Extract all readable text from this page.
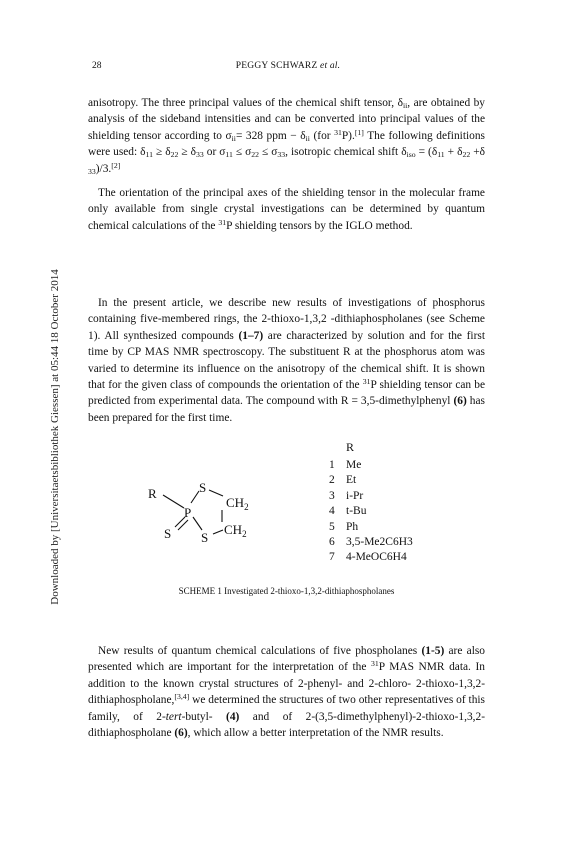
Downloaded by [Universitaetsbibliothek Giessen] at 05:44 18 October 2014
28	PEGGY SCHWARZ et al.
anisotropy. The three principal values of the chemical shift tensor, $\delta_{ii}$, are obtained by analysis of the sideband intensities and can be converted into principal values of the shielding tensor according to $\sigma_{ii}= 328$ ppm − $\delta_{ii}$ (for $^{31}$P).[1] The following definitions were used: $\delta_{11} \ge \delta_{22} \ge \delta_{33}$ or $\sigma_{11} \le \sigma_{22} \le \sigma_{33}$, isotropic chemical shift $\delta_{iso} = (\delta_{11} + \delta_{22} +\delta$ $_{33}$)/3.[2]
The orientation of the principal axes of the shielding tensor in the molecular frame only available from single crystal investigations can be determined by quantum chemical calculations of the $^{31}$P shielding tensors by the IGLO method.
In the present article, we describe new results of investigations of phosphorus containing five-membered rings, the 2-thioxo-1,3,2 -dithiaphospholanes (see Scheme 1). All synthesized compounds (1–7) are characterized by solution and for the first time by CP MAS NMR spectroscopy. The substituent R at the phosphorus atom was varied to determine its influence on the anisotropy of the chemical shift. It is shown that for the given class of compounds the orientation of the $^{31}$P shielding tensor can be predicted from experimental data. The compound with R = 3,5-dimethylphenyl (6) has been prepared for the first time.
R
1 Me
2 Et
3 i-Pr
4 t-Bu
5 Ph
6 3,5-Me2C6H3
7 4-MeOC6H4
R	S
$CH_2$
P
S S
$CH_2$
SCHEME 1 Investigated 2-thioxo-1,3,2-dithiaphospholanes
New results of quantum chemical calculations of five phospholanes (1-5) are also presented which are important for the interpretation of the $^{31}$P MAS NMR data. In addition to the known crystal structures of 2-phenyl- and 2-chloro- 2-thioxo-1,3,2-dithiaphospholane,[3,4] we determined the structures of two other representatives of this family, of 2-tert-butyl- (4) and of 2-(3,5-dimethylphenyl)-2-thioxo-1,3,2-dithiaphospholane (6), which allow a better interpretation of the NMR results.
